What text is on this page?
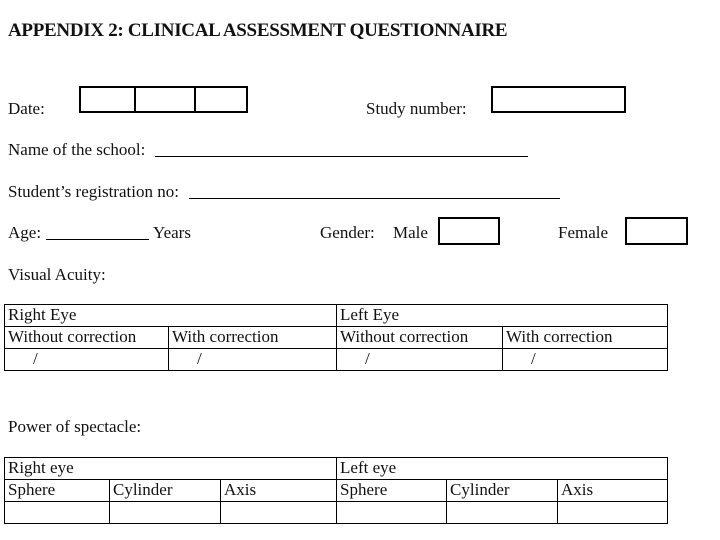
APPENDIX 2: CLINICAL ASSESSMENT QUESTIONNAIRE
Date:	Study number:
Name of the school:
Student’s registration no:
Age:	Years	Gender: Male	Female
Visual Acuity:
Right Eye		Left Eye	
Without correction	With correction	Without correction	With correction
/	/	/	/
Power of spectacle:
Right eye			Left eye		
Sphere	Cylinder	Axis	Sphere	Cylinder	Axis
